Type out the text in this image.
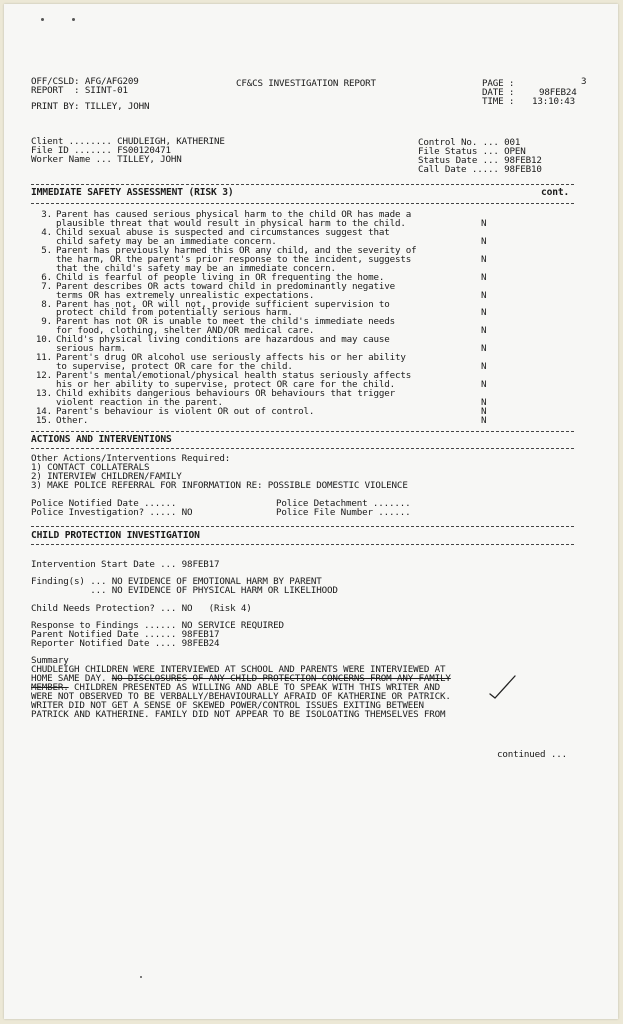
OFF/CSLD: AFG/AFG209
REPORT  : SIINT-01
CF&CS INVESTIGATION REPORT	PAGE :	3
DATE :	98FEB24
TIME : 13:10:43
PRINT BY: TILLEY, JOHN
Client ........ CHUDLEIGH, KATHERINE
File ID ....... FS00120471
Worker Name ... TILLEY, JOHN
Control No. ... 001
File Status ... OPEN
Status Date ... 98FEB12
Call Date ..... 98FEB10
IMMEDIATE SAFETY ASSESSMENT (RISK 3)	cont.
3. Parent has caused serious physical harm to the child OR has made a
plausible threat that would result in physical harm to the child.	N
4. Child sexual abuse is suspected and circumstances suggest that
child safety may be an immediate concern.	N
5. Parent has previously harmed this OR any child, and the severity of
the harm, OR the parent's prior response to the incident, suggests
that the child's safety may be an immediate concern.
N
6. Child is fearful of people living in OR frequenting the home.	N
7. Parent describes OR acts toward child in predominantly negative
terms OR has extremely unrealistic expectations.	N
8. Parent has not, OR will not, provide sufficient supervision to
protect child from potentially serious harm.	N
9. Parent has not OR is unable to meet the child's immediate needs
for food, clothing, shelter AND/OR medical care.	N
10. Child's physical living conditions are hazardous and may cause
serious harm.	N
11. Parent's drug OR alcohol use seriously affects his or her ability
to supervise, protect OR care for the child.	N
12. Parent's mental/emotional/physical health status seriously affects
his or her ability to supervise, protect OR care for the child.	N
13. Child exhibits dangerious behaviours OR behaviours that trigger
violent reaction in the parent.	N
14. Parent's behaviour is violent OR out of control.	N
15. Other.	N
ACTIONS AND INTERVENTIONS
Other Actions/Interventions Required:
1) CONTACT COLLATERALS
2) INTERVIEW CHILDREN/FAMILY
3) MAKE POLICE REFERRAL FOR INFORMATION RE: POSSIBLE DOMESTIC VIOLENCE
Police Notified Date ......
Police Investigation? ..... NO
Police Detachment .......
Police File Number ......
CHILD PROTECTION INVESTIGATION
Intervention Start Date ... 98FEB17
Finding(s) ... NO EVIDENCE OF EMOTIONAL HARM BY PARENT
... NO EVIDENCE OF PHYSICAL HARM OR LIKELIHOOD
Child Needs Protection? ... NO   (Risk 4)
Response to Findings ...... NO SERVICE REQUIRED
Parent Notified Date ...... 98FEB17
Reporter Notified Date .... 98FEB24
Summary
CHUDLEIGH CHILDREN WERE INTERVIEWED AT SCHOOL AND PARENTS WERE INTERVIEWED AT
HOME SAME DAY. NO DISCLOSURES OF ANY CHILD PROTECTION CONCERNS FROM ANY FAMILY
MEMBER. CHILDREN PRESENTED AS WILLING AND ABLE TO SPEAK WITH THIS WRITER AND
WERE NOT OBSERVED TO BE VERBALLY/BEHAVIOURALLY AFRAID OF KATHERINE OR PATRICK.
WRITER DID NOT GET A SENSE OF SKEWED POWER/CONTROL ISSUES EXITING BETWEEN
PATRICK AND KATHERINE. FAMILY DID NOT APPEAR TO BE ISOLOATING THEMSELVES FROM
continued ...
